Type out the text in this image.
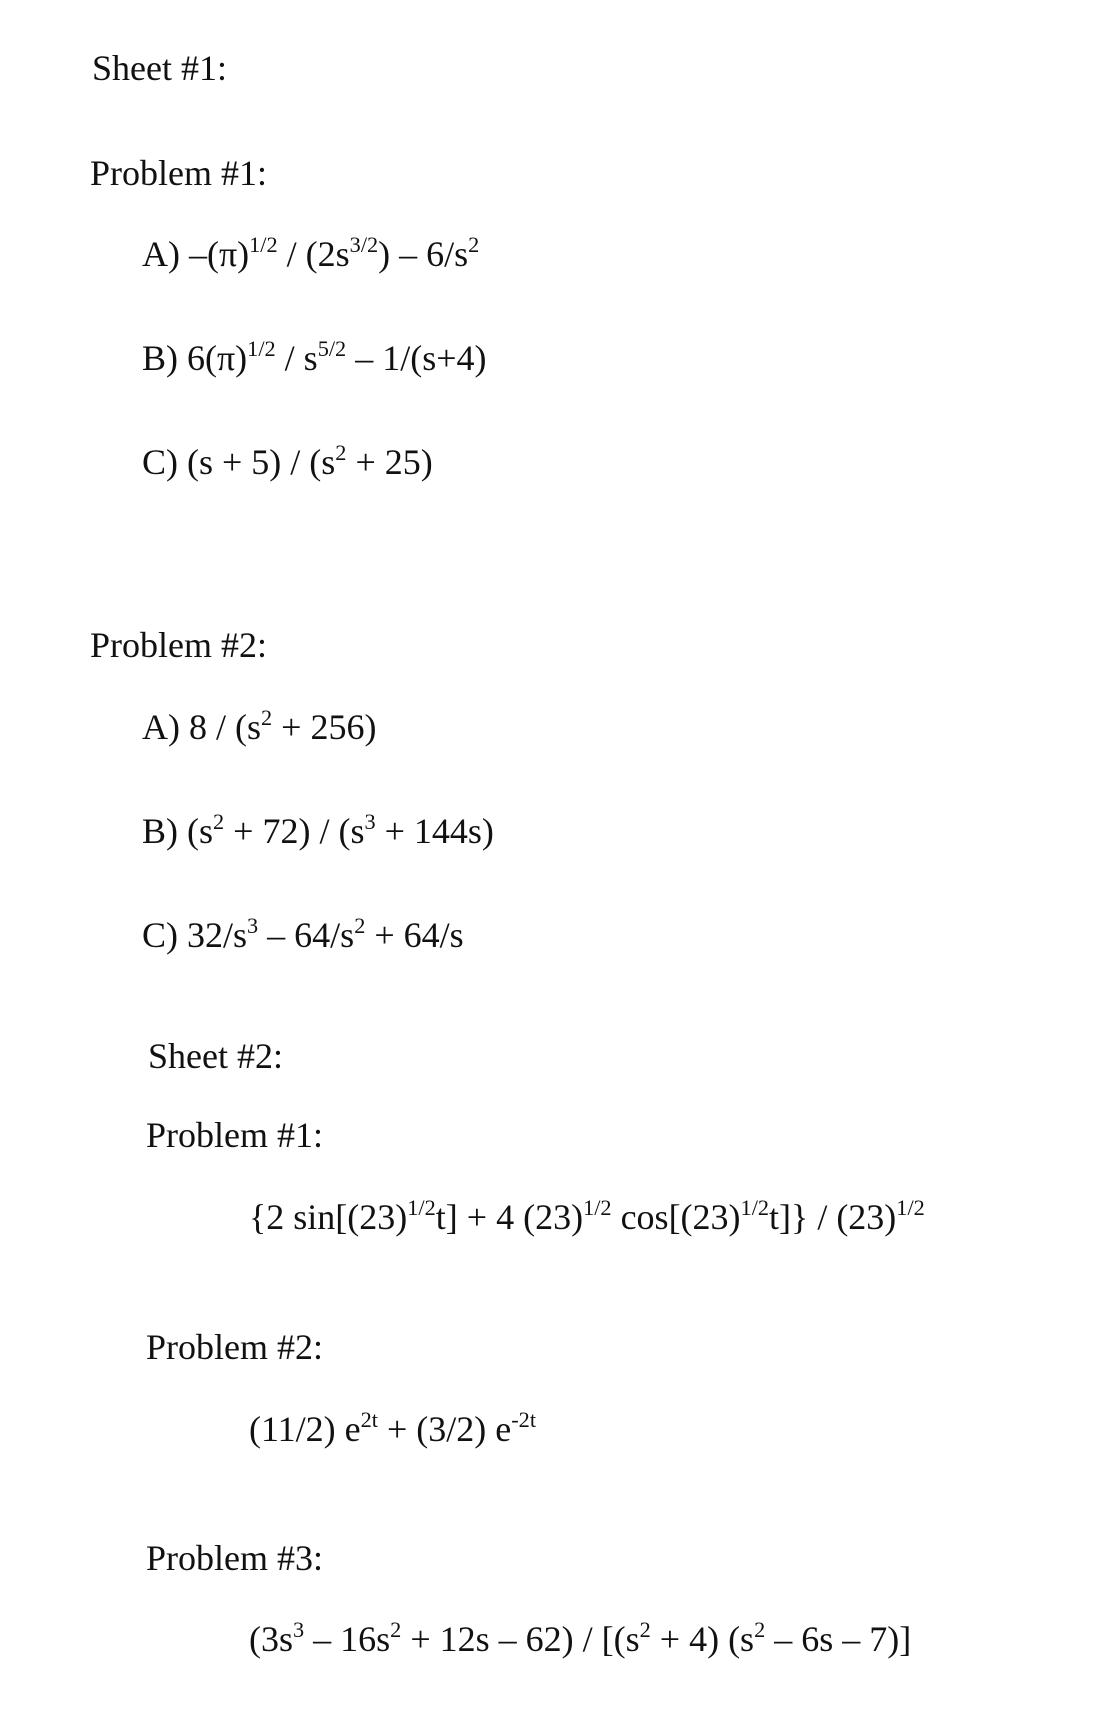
Sheet #1:
Problem #1:
A) $-(\pi)^{1/2} / (2s^{3/2}) - 6/s^2$
B) $6(\pi)^{1/2} / s^{5/2} - 1/(s+4)$
C) $(s + 5) / (s^2 + 25)$
Problem #2:
A) $8 / (s^2 + 256)$
B) $(s^2 + 72) / (s^3 + 144s)$
C) $32/s^3 - 64/s^2 + 64/s$
Sheet #2:
Problem #1:
{2 $\sin[(23)^{1/2}t] + 4$ $(23)^{1/2}$ $\cos[(23)^{1/2}t]\} / (23)^{1/2}$
Problem #2:
(11/2) $e^{2t} + (3/2)$ $e^{-2t}$
Problem #3:
$(3s^3 - 16s^2 + 12s - 62) / [(s^2 + 4)$ $(s^2 - 6s - 7)$]
